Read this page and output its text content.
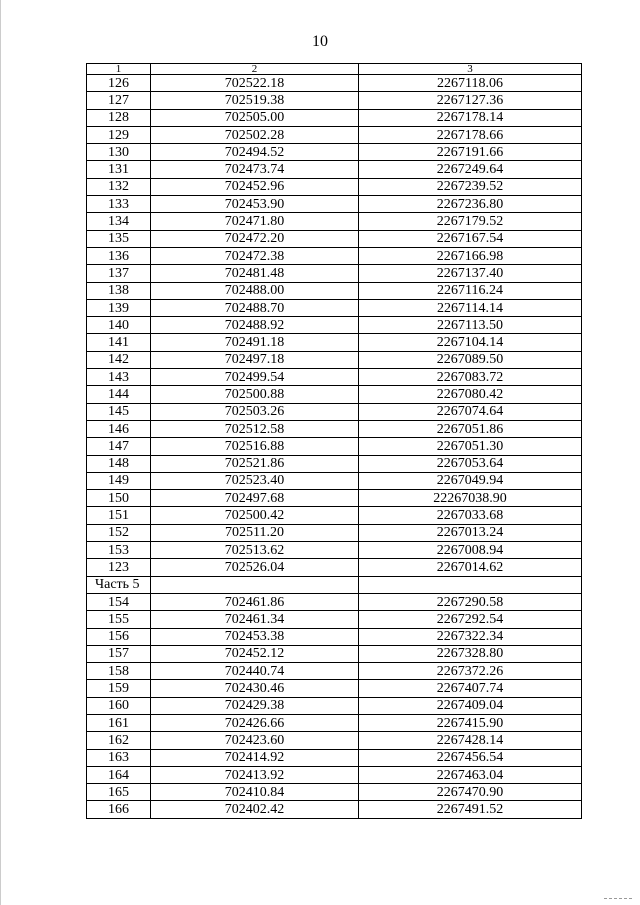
10
1	2	3
126	702522.18	2267118.06
127	702519.38	2267127.36
128	702505.00	2267178.14
129	702502.28	2267178.66
130	702494.52	2267191.66
131	702473.74	2267249.64
132	702452.96	2267239.52
133	702453.90	2267236.80
134	702471.80	2267179.52
135	702472.20	2267167.54
136	702472.38	2267166.98
137	702481.48	2267137.40
138	702488.00	2267116.24
139	702488.70	2267114.14
140	702488.92	2267113.50
141	702491.18	2267104.14
142	702497.18	2267089.50
143	702499.54	2267083.72
144	702500.88	2267080.42
145	702503.26	2267074.64
146	702512.58	2267051.86
147	702516.88	2267051.30
148	702521.86	2267053.64
149	702523.40	2267049.94
150	702497.68	22267038.90
151	702500.42	2267033.68
152	702511.20	2267013.24
153	702513.62	2267008.94
123	702526.04	2267014.62
Часть 5		
154	702461.86	2267290.58
155	702461.34	2267292.54
156	702453.38	2267322.34
157	702452.12	2267328.80
158	702440.74	2267372.26
159	702430.46	2267407.74
160	702429.38	2267409.04
161	702426.66	2267415.90
162	702423.60	2267428.14
163	702414.92	2267456.54
164	702413.92	2267463.04
165	702410.84	2267470.90
166	702402.42	2267491.52
